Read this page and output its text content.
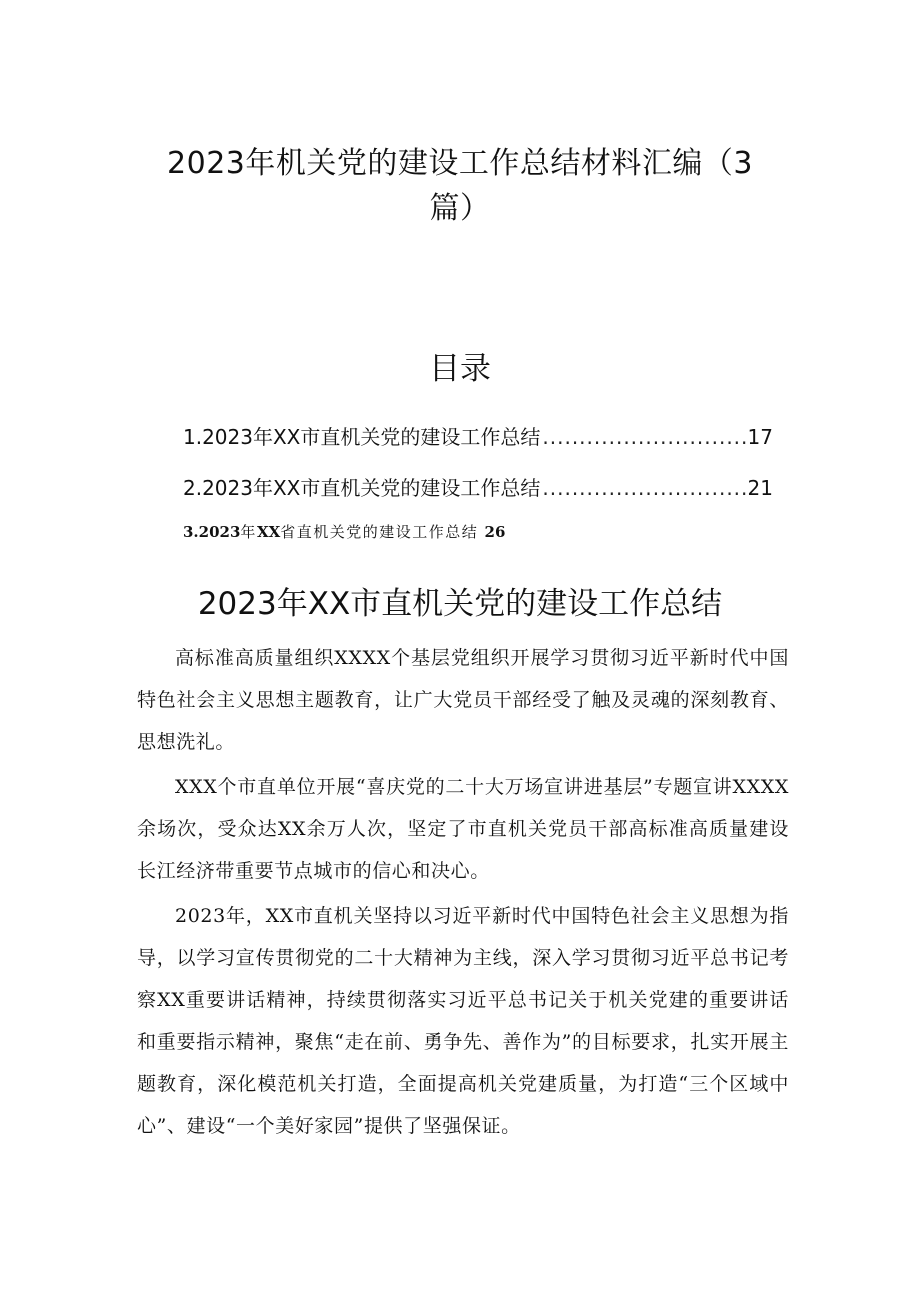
2023年机关党的建设工作总结材料汇编（3
篇）
目录
1.2023年XX市直机关党的建设工作总结 .....	17
2.2023年XX市直机关党的建设工作总结 .....	21
3.2023年XX省直机关党的建设工作总结 26
2023年XX市直机关党的建设工作总结

高标准高质量组织XXXX个基层党组织开展学习贯彻习近平新时代中国特色社会主义思想主题教育，让广大党员干部经受了触及灵魂的深刻教育、思想洗礼。

XXX个市直单位开展“喜庆党的二十大万场宣讲进基层”专题宣讲XXXX余场次，受众达XX余万人次，坚定了市直机关党员干部高标准高质量建设长江经济带重要节点城市的信心和决心。

2023年，XX市直机关坚持以习近平新时代中国特色社会主义思想为指导，以学习宣传贯彻党的二十大精神为主线，深入学习贯彻习近平总书记考察XX重要讲话精神，持续贯彻落实习近平总书记关于机关党建的重要讲话和重要指示精神，聚焦“走在前、勇争先、善作为”的目标要求，扎实开展主题教育，深化模范机关打造，全面提高机关党建质量，为打造“三个区域中心”、建设“一个美好家园”提供了坚强保证。
